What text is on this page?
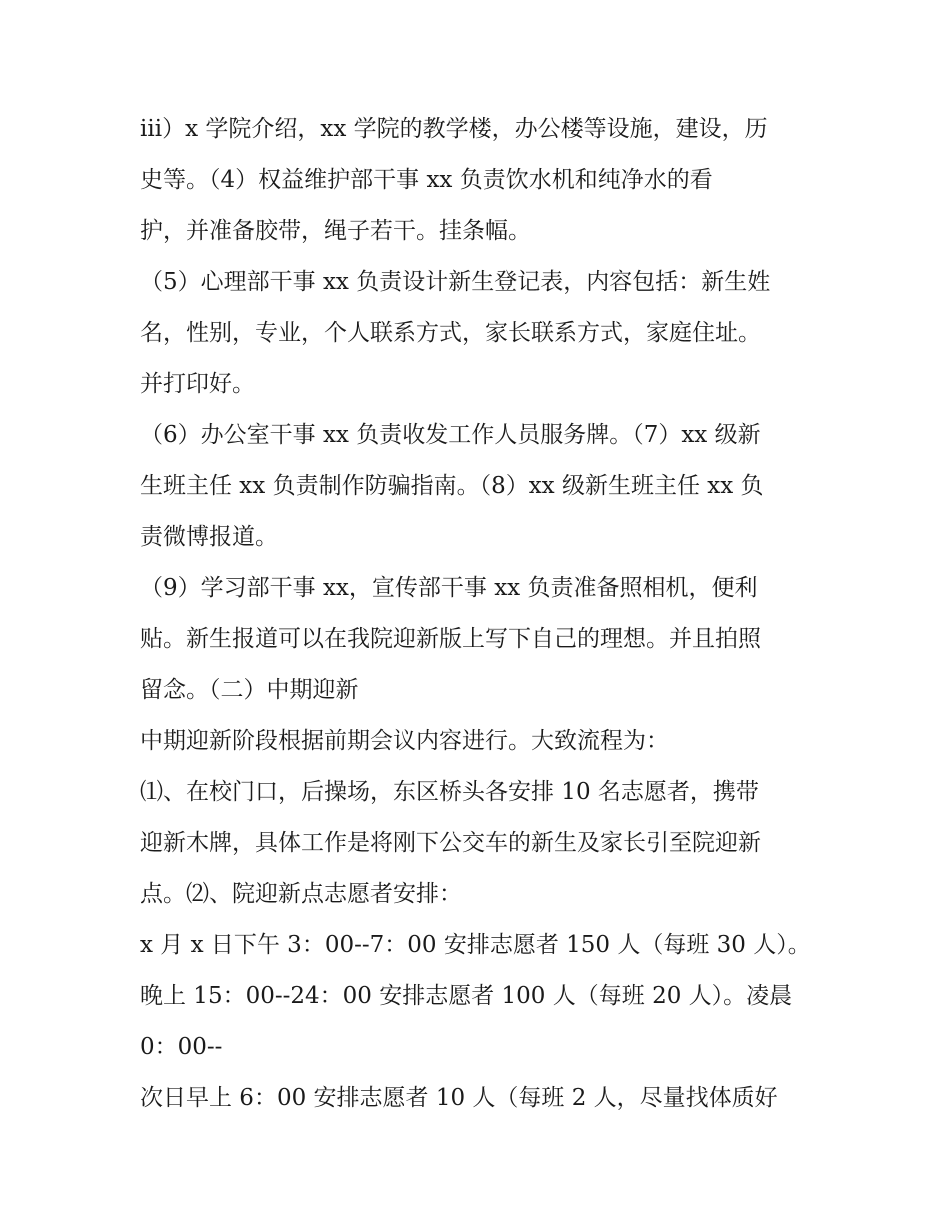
iii）x 学院介绍，xx 学院的教学楼，办公楼等设施，建设，历

史等。（4）权益维护部干事 xx 负责饮水机和纯净水的看

护，并准备胶带，绳子若干。挂条幅。

（5）心理部干事 xx 负责设计新生登记表，内容包括：新生姓

名，性别，专业，个人联系方式，家长联系方式，家庭住址。

并打印好。

（6）办公室干事 xx 负责收发工作人员服务牌。（7）xx 级新

生班主任 xx 负责制作防骗指南。（8）xx 级新生班主任 xx 负

责微博报道。

（9）学习部干事 xx，宣传部干事 xx 负责准备照相机，便利

贴。新生报道可以在我院迎新版上写下自己的理想。并且拍照

留念。（二）中期迎新

中期迎新阶段根据前期会议内容进行。大致流程为：

⑴、在校门口，后操场，东区桥头各安排 10 名志愿者，携带

迎新木牌，具体工作是将刚下公交车的新生及家长引至院迎新

点。⑵、院迎新点志愿者安排：

x 月 x 日下午 3：00--7：00 安排志愿者 150 人（每班 30 人）。

晚上 15：00--24：00 安排志愿者 100 人（每班 20 人）。凌晨

0：00--

次日早上 6：00 安排志愿者 10 人（每班 2 人，尽量找体质好
